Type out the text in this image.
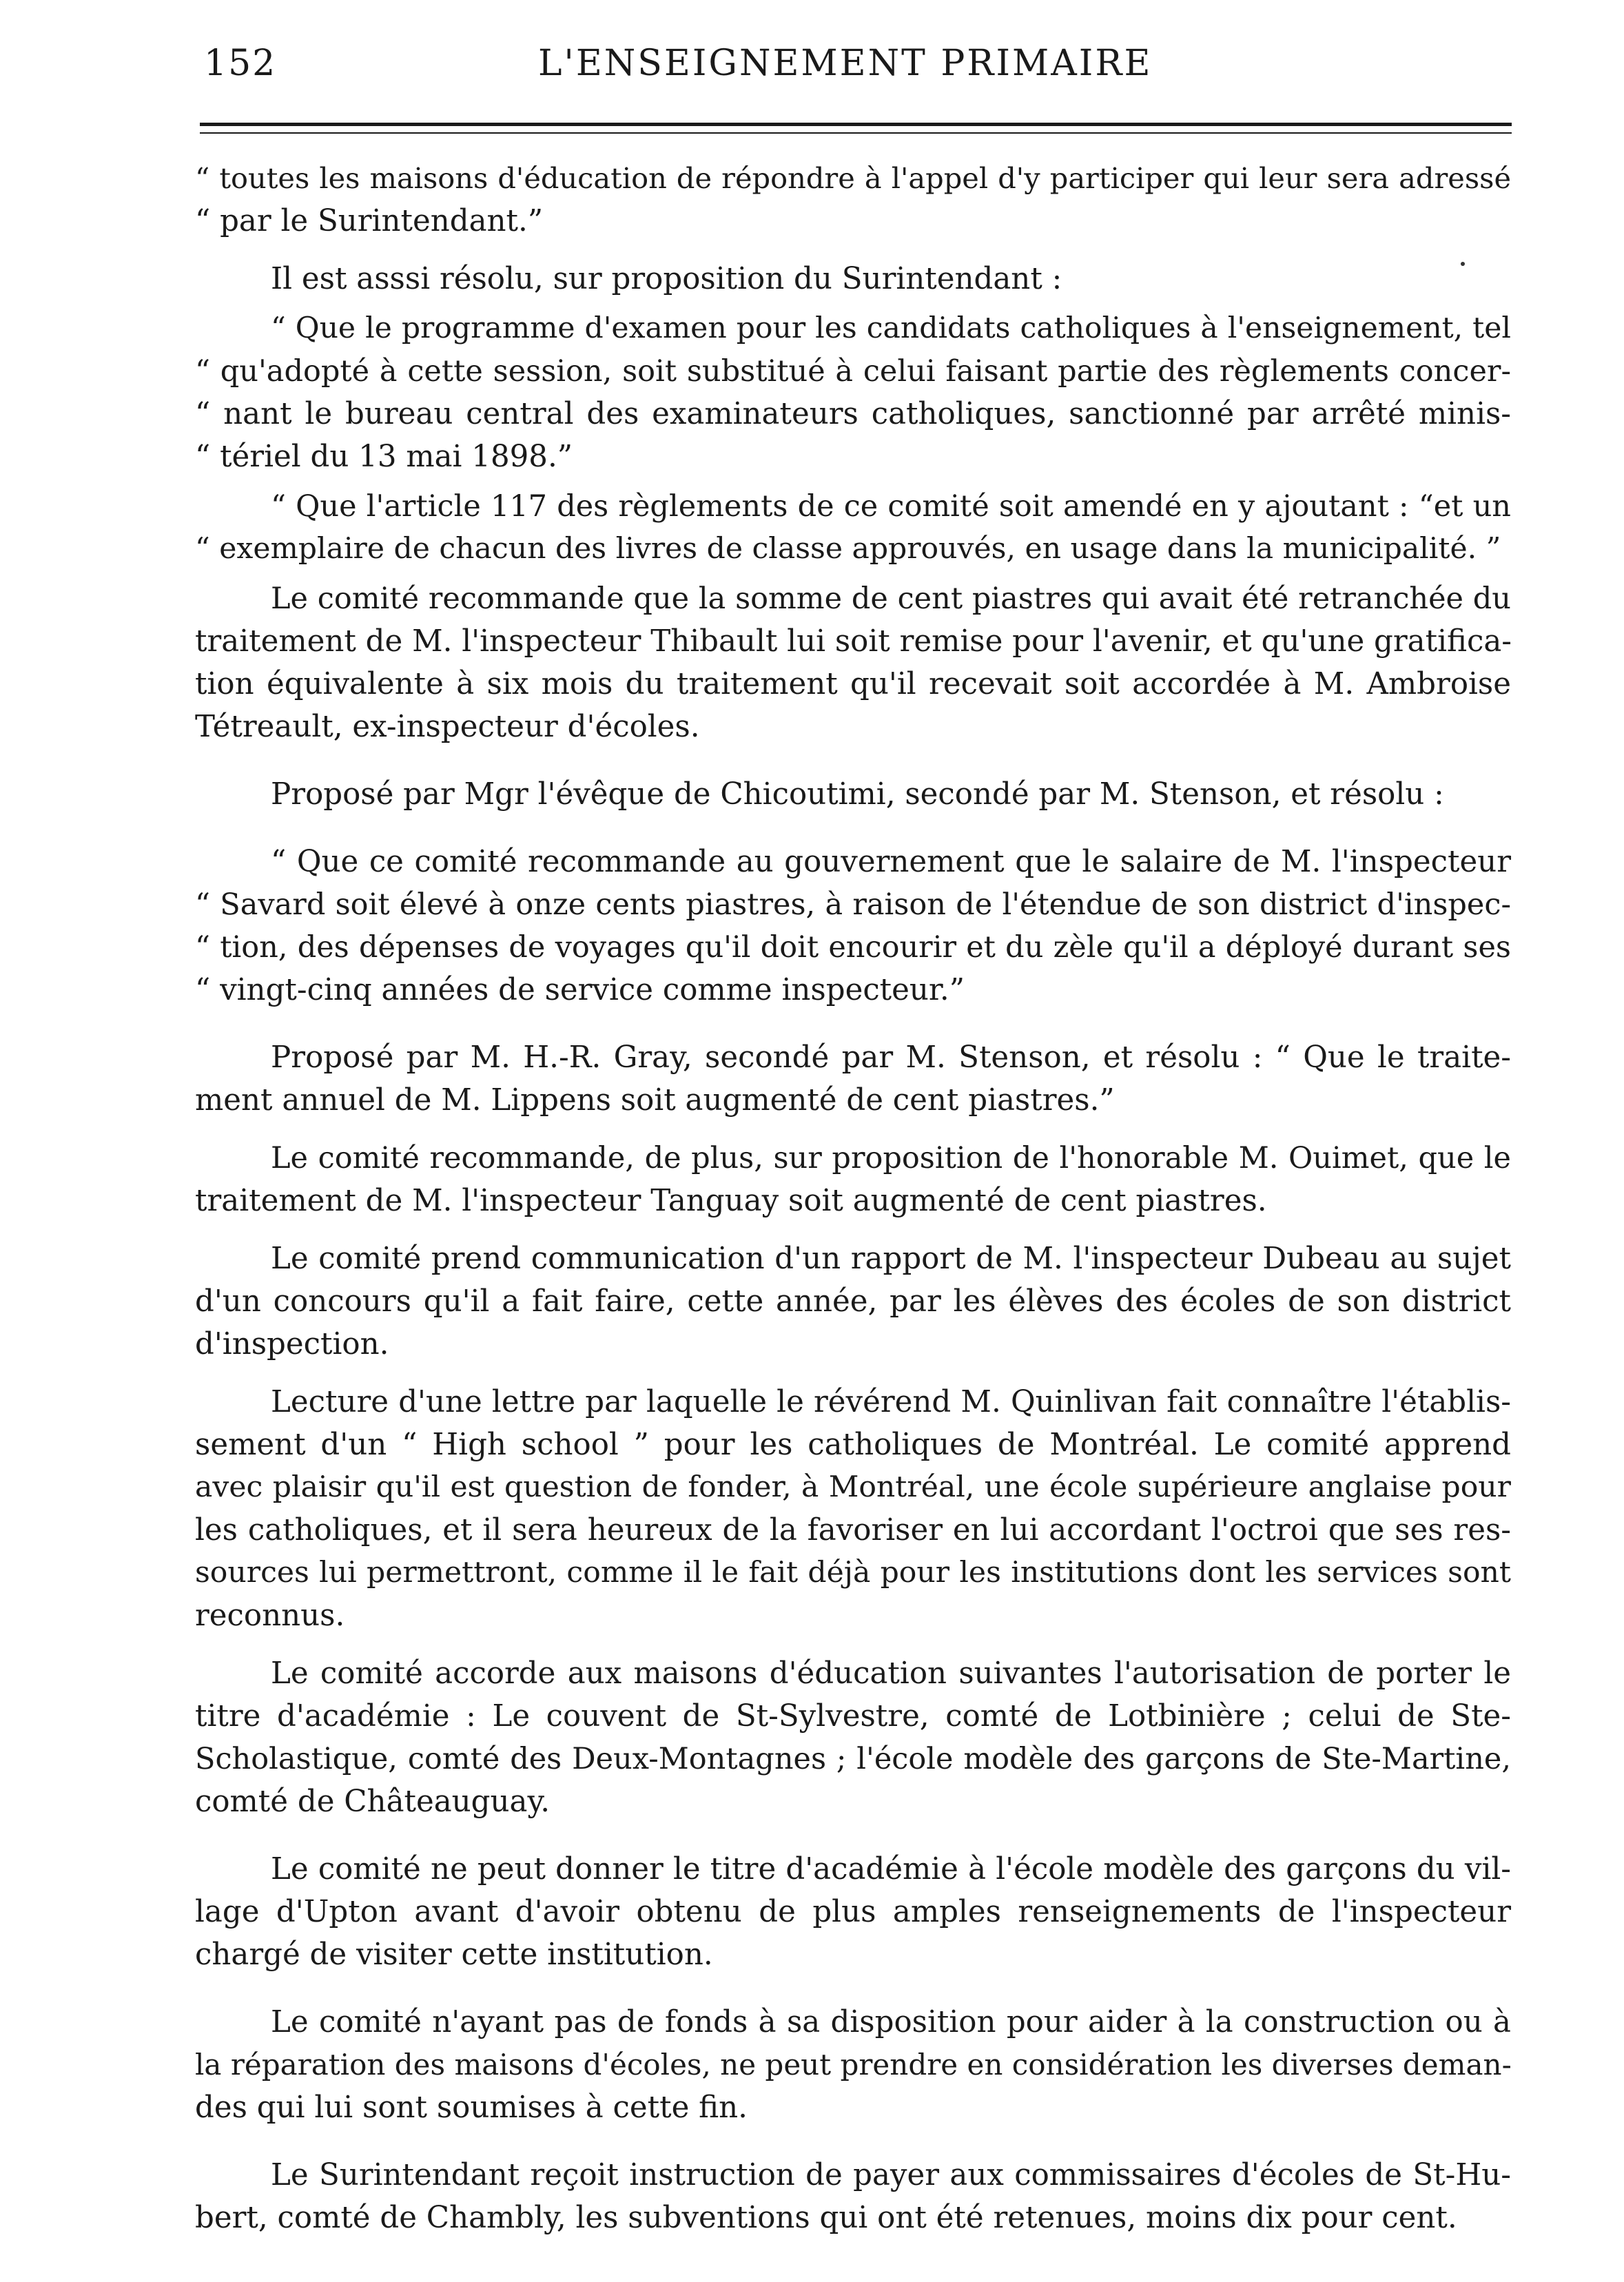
152	L'ENSEIGNEMENT PRIMAIRE
“ toutes les maisons d'éducation de répondre à l'appel d'y participer qui leur sera adressé
“ par le Surintendant.”
Il est asssi résolu, sur proposition du Surintendant :
“ Que le programme d'examen pour les candidats catholiques à l'enseignement, tel
“ qu'adopté à cette session, soit substitué à celui faisant partie des règlements concer-
“ nant le bureau central des examinateurs catholiques, sanctionné par arrêté minis-
“ tériel du 13 mai 1898.”
“ Que l'article 117 des règlements de ce comité soit amendé en y ajoutant : “et un
“ exemplaire de chacun des livres de classe approuvés, en usage dans la municipalité. ”
Le comité recommande que la somme de cent piastres qui avait été retranchée du
traitement de M. l'inspecteur Thibault lui soit remise pour l'avenir, et qu'une gratifica-
tion équivalente à six mois du traitement qu'il recevait soit accordée à M. Ambroise
Tétreault, ex-inspecteur d'écoles.
Proposé par Mgr l'évêque de Chicoutimi, secondé par M. Stenson, et résolu :
“ Que ce comité recommande au gouvernement que le salaire de M. l'inspecteur
“ Savard soit élevé à onze cents piastres, à raison de l'étendue de son district d'inspec-
“ tion, des dépenses de voyages qu'il doit encourir et du zèle qu'il a déployé durant ses
“ vingt-cinq années de service comme inspecteur.”
Proposé par M. H.-R. Gray, secondé par M. Stenson, et résolu : “ Que le traite-
ment annuel de M. Lippens soit augmenté de cent piastres.”
Le comité recommande, de plus, sur proposition de l'honorable M. Ouimet, que le
traitement de M. l'inspecteur Tanguay soit augmenté de cent piastres.
Le comité prend communication d'un rapport de M. l'inspecteur Dubeau au sujet
d'un concours qu'il a fait faire, cette année, par les élèves des écoles de son district
d'inspection.
Lecture d'une lettre par laquelle le révérend M. Quinlivan fait connaître l'établis-
sement d'un “ High school ” pour les catholiques de Montréal. Le comité apprend
avec plaisir qu'il est question de fonder, à Montréal, une école supérieure anglaise pour
les catholiques, et il sera heureux de la favoriser en lui accordant l'octroi que ses res-
sources lui permettront, comme il le fait déjà pour les institutions dont les services sont
reconnus.
Le comité accorde aux maisons d'éducation suivantes l'autorisation de porter le
titre d'académie : Le couvent de St-Sylvestre, comté de Lotbinière ; celui de Ste-
Scholastique, comté des Deux-Montagnes ; l'école modèle des garçons de Ste-Martine,
comté de Châteauguay.
Le comité ne peut donner le titre d'académie à l'école modèle des garçons du vil-
lage d'Upton avant d'avoir obtenu de plus amples renseignements de l'inspecteur
chargé de visiter cette institution.
Le comité n'ayant pas de fonds à sa disposition pour aider à la construction ou à
la réparation des maisons d'écoles, ne peut prendre en considération les diverses deman-
des qui lui sont soumises à cette fin.
Le Surintendant reçoit instruction de payer aux commissaires d'écoles de St-Hu-
bert, comté de Chambly, les subventions qui ont été retenues, moins dix pour cent.
